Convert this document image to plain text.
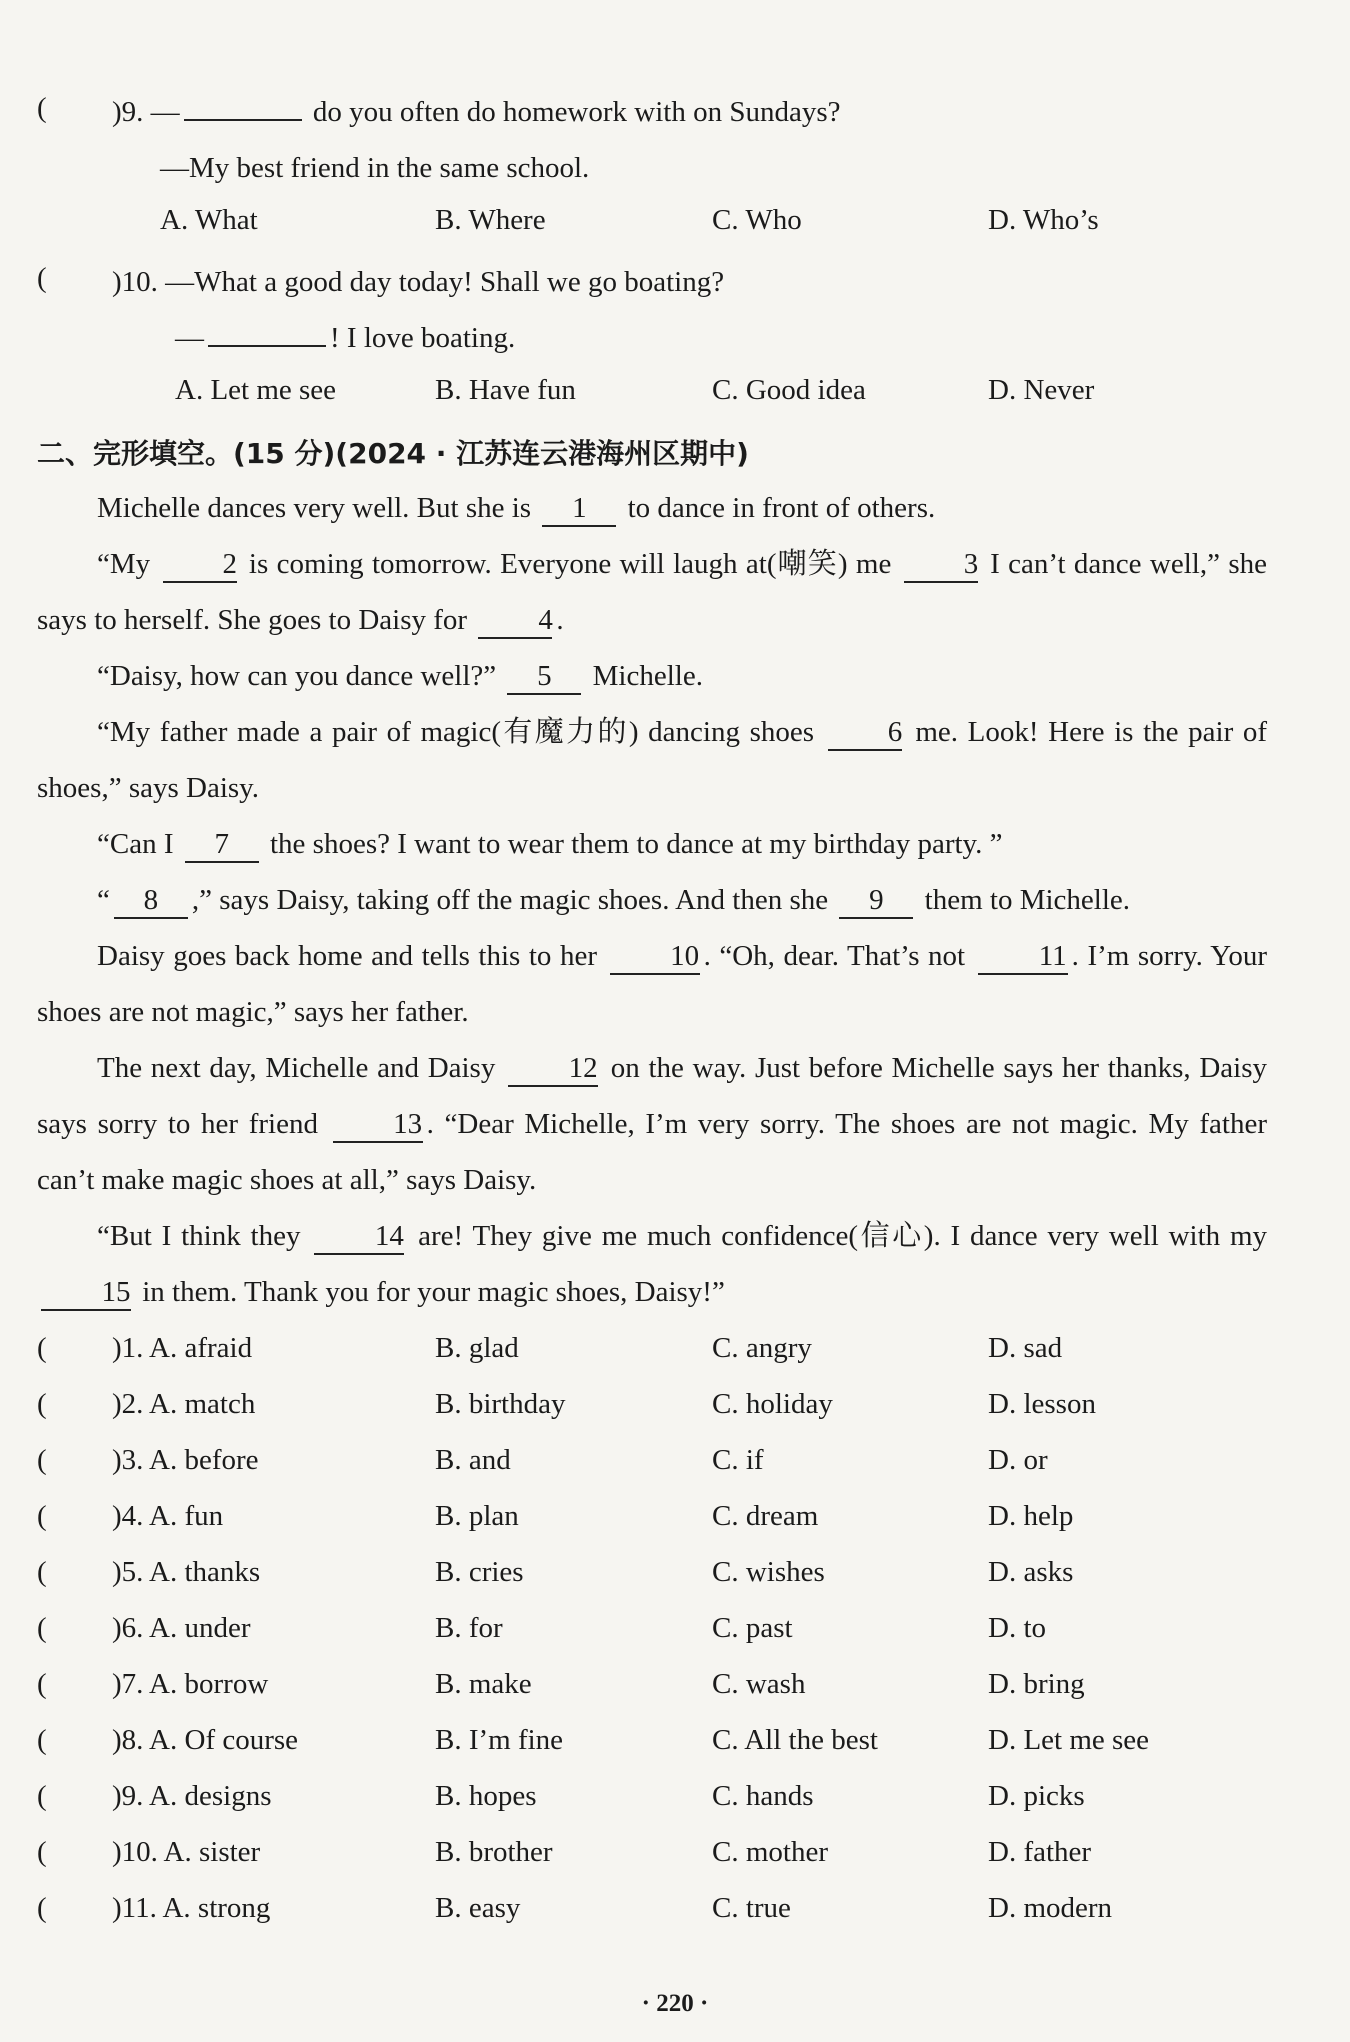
( )9. —	do you often do homework with on Sundays?
—My best friend in the same school.
A. What	B. Where	C. Who	D. Who’s
( )10. —What a good day today! Shall we go boating?
—	! I love boating.
A. Let me see	B. Have fun	C. Good idea	D. Never
二、完形填空。(15 分)(2024 · 江苏连云港海州区期中)
Michelle dances very well. But she is 1 to dance in front of others.
“My 2 is coming tomorrow. Everyone will laugh at(嘲笑) me 3 I can’t dance well,” she says to herself. She goes to Daisy for 4 .
“Daisy, how can you dance well?” 5 Michelle.
“My father made a pair of magic(有魔力的) dancing shoes	6 me. Look! Here is the pair of shoes,” says Daisy.
“Can I 7 the shoes? I want to wear them to dance at my birthday party. ”
“ 8 ,” says Daisy, taking off the magic shoes. And then she 9 them to Michelle.
Daisy goes back home and tells this to her	10 . “Oh, dear. That’s not	11 . I’m sorry. Your shoes are not magic,” says her father.
The next day, Michelle and Daisy	12 on the way. Just before Michelle says her thanks, Daisy says sorry to her friend	13 . “Dear Michelle, I’m very sorry. The shoes are not magic. My father can’t make magic shoes at all,” says Daisy.
“But I think they	14 are! They give me much confidence(信心). I dance very well with my 15 in them. Thank you for your magic shoes, Daisy!”
( )1. A. afraid	B. glad	C. angry	D. sad
( )2. A. match	B. birthday	C. holiday	D. lesson
( )3. A. before	B. and	C. if	D. or
( )4. A. fun	B. plan	C. dream	D. help
( )5. A. thanks	B. cries	C. wishes	D. asks
( )6. A. under	B. for	C. past	D. to
( )7. A. borrow	B. make	C. wash	D. bring
( )8. A. Of course	B. I’m fine	C. All the best	D. Let me see
( )9. A. designs	B. hopes	C. hands	D. picks
( )10. A. sister	B. brother	C. mother	D. father
( )11. A. strong	B. easy	C. true	D. modern
· 220 ·
